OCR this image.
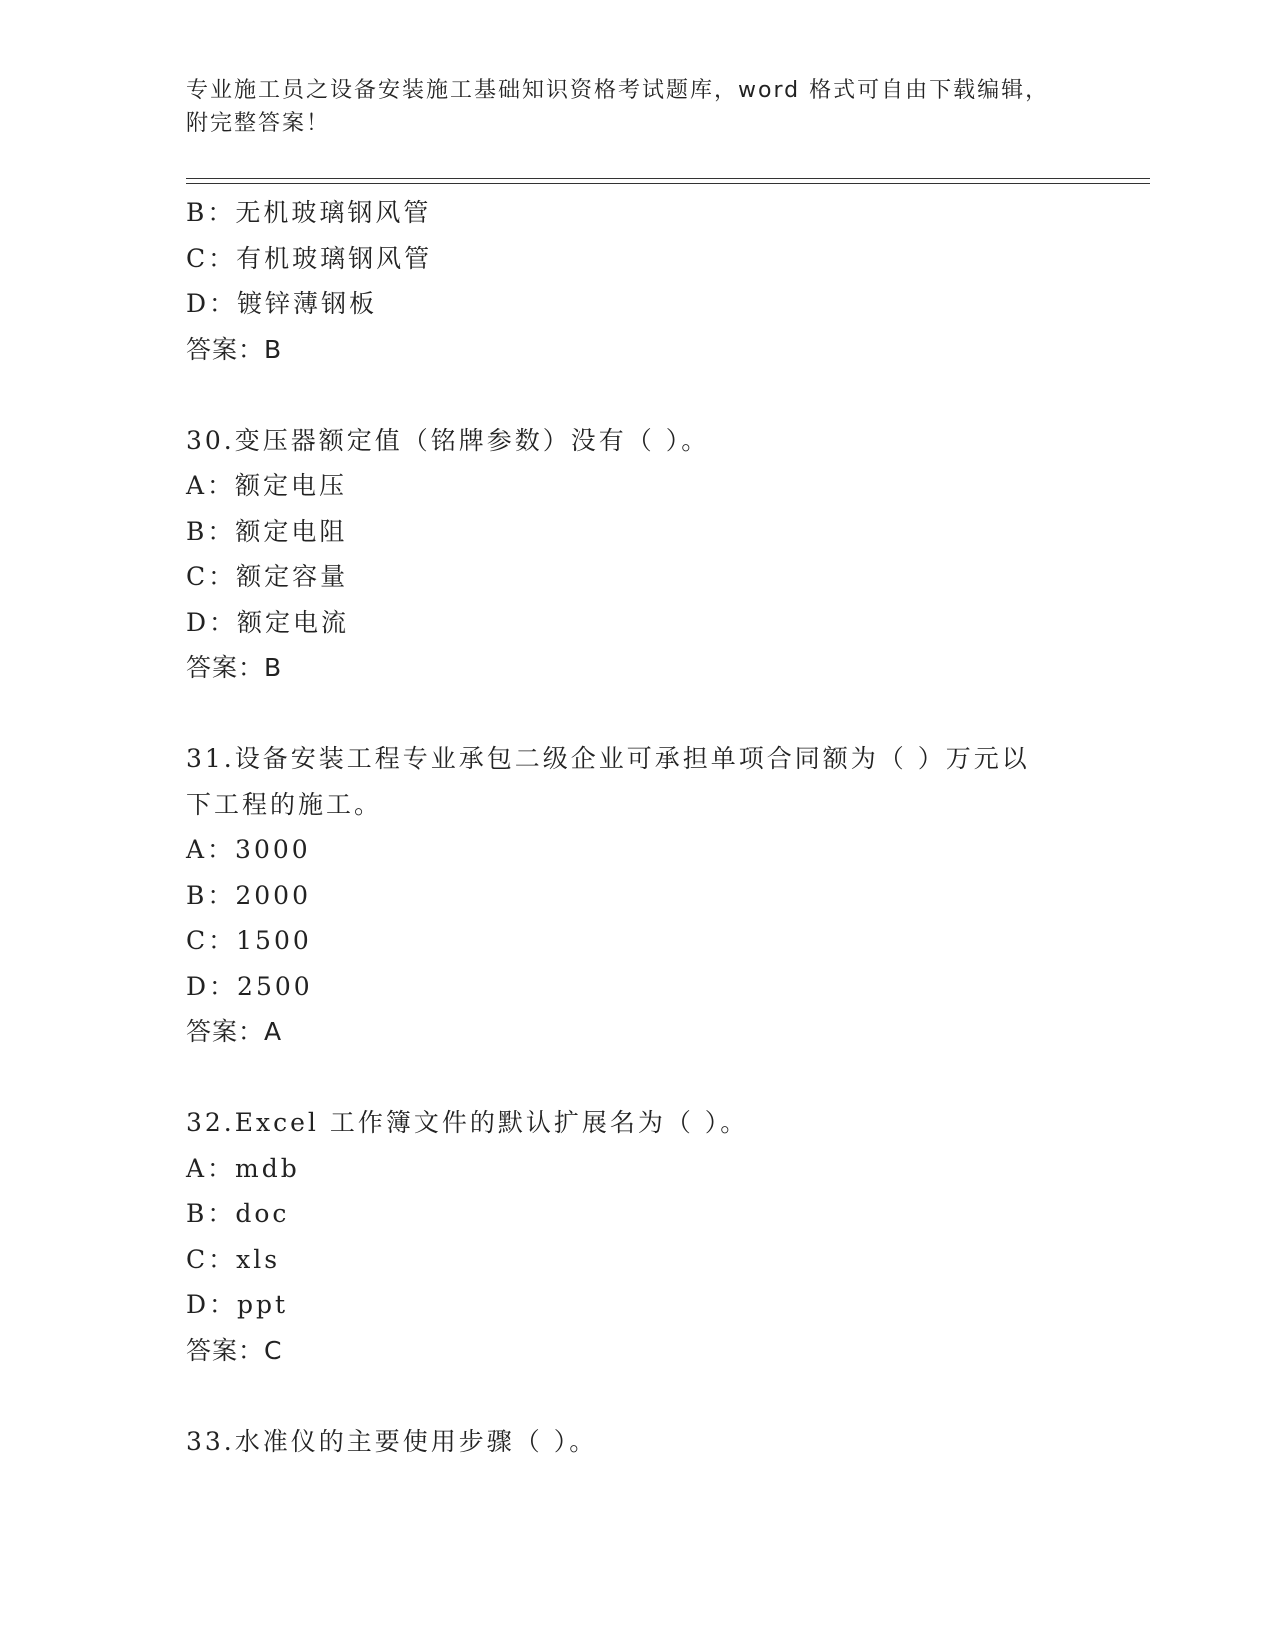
专业施工员之设备安装施工基础知识资格考试题库，word 格式可自由下载编辑，
附完整答案！
B：无机玻璃钢风管
C：有机玻璃钢风管
D：镀锌薄钢板
答案：B
30.变压器额定值（铭牌参数）没有（ ）。
A：额定电压
B：额定电阻
C：额定容量
D：额定电流
答案：B
31.设备安装工程专业承包二级企业可承担单项合同额为（ ）万元以
下工程的施工。
A：3000
B：2000
C：1500
D：2500
答案：A
32.Excel 工作簿文件的默认扩展名为（ ）。
A：mdb
B：doc
C：xls
D：ppt
答案：C
33.水准仪的主要使用步骤（ ）。
